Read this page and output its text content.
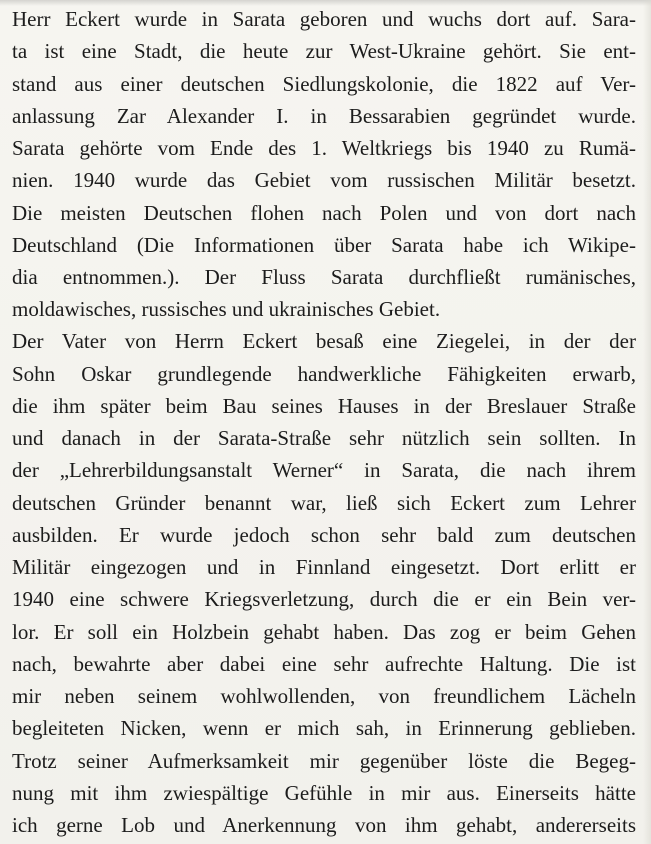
Herr Eckert wurde in Sarata geboren und wuchs dort auf. Sara-

ta ist eine Stadt, die heute zur West-Ukraine gehört. Sie ent-

stand aus einer deutschen Siedlungskolonie, die 1822 auf Ver-

anlassung Zar Alexander I. in Bessarabien gegründet wurde.

Sarata gehörte vom Ende des 1. Weltkriegs bis 1940 zu Rumä-

nien. 1940 wurde das Gebiet vom russischen Militär besetzt.

Die meisten Deutschen flohen nach Polen und von dort nach

Deutschland (Die Informationen über Sarata habe ich Wikipe-

dia entnommen.). Der Fluss Sarata durchfließt rumänisches,

moldawisches, russisches und ukrainisches Gebiet.

Der Vater von Herrn Eckert besaß eine Ziegelei, in der der

Sohn Oskar grundlegende handwerkliche Fähigkeiten erwarb,

die ihm später beim Bau seines Hauses in der Breslauer Straße

und danach in der Sarata-Straße sehr nützlich sein sollten. In

der „Lehrerbildungsanstalt Werner“ in Sarata, die nach ihrem

deutschen Gründer benannt war, ließ sich Eckert zum Lehrer

ausbilden. Er wurde jedoch schon sehr bald zum deutschen

Militär eingezogen und in Finnland eingesetzt. Dort erlitt er

1940 eine schwere Kriegsverletzung, durch die er ein Bein ver-

lor. Er soll ein Holzbein gehabt haben. Das zog er beim Gehen

nach, bewahrte aber dabei eine sehr aufrechte Haltung. Die ist

mir neben seinem wohlwollenden, von freundlichem Lächeln

begleiteten Nicken, wenn er mich sah, in Erinnerung geblieben.

Trotz seiner Aufmerksamkeit mir gegenüber löste die Begeg-

nung mit ihm zwiespältige Gefühle in mir aus. Einerseits hätte

ich gerne Lob und Anerkennung von ihm gehabt, andererseits
